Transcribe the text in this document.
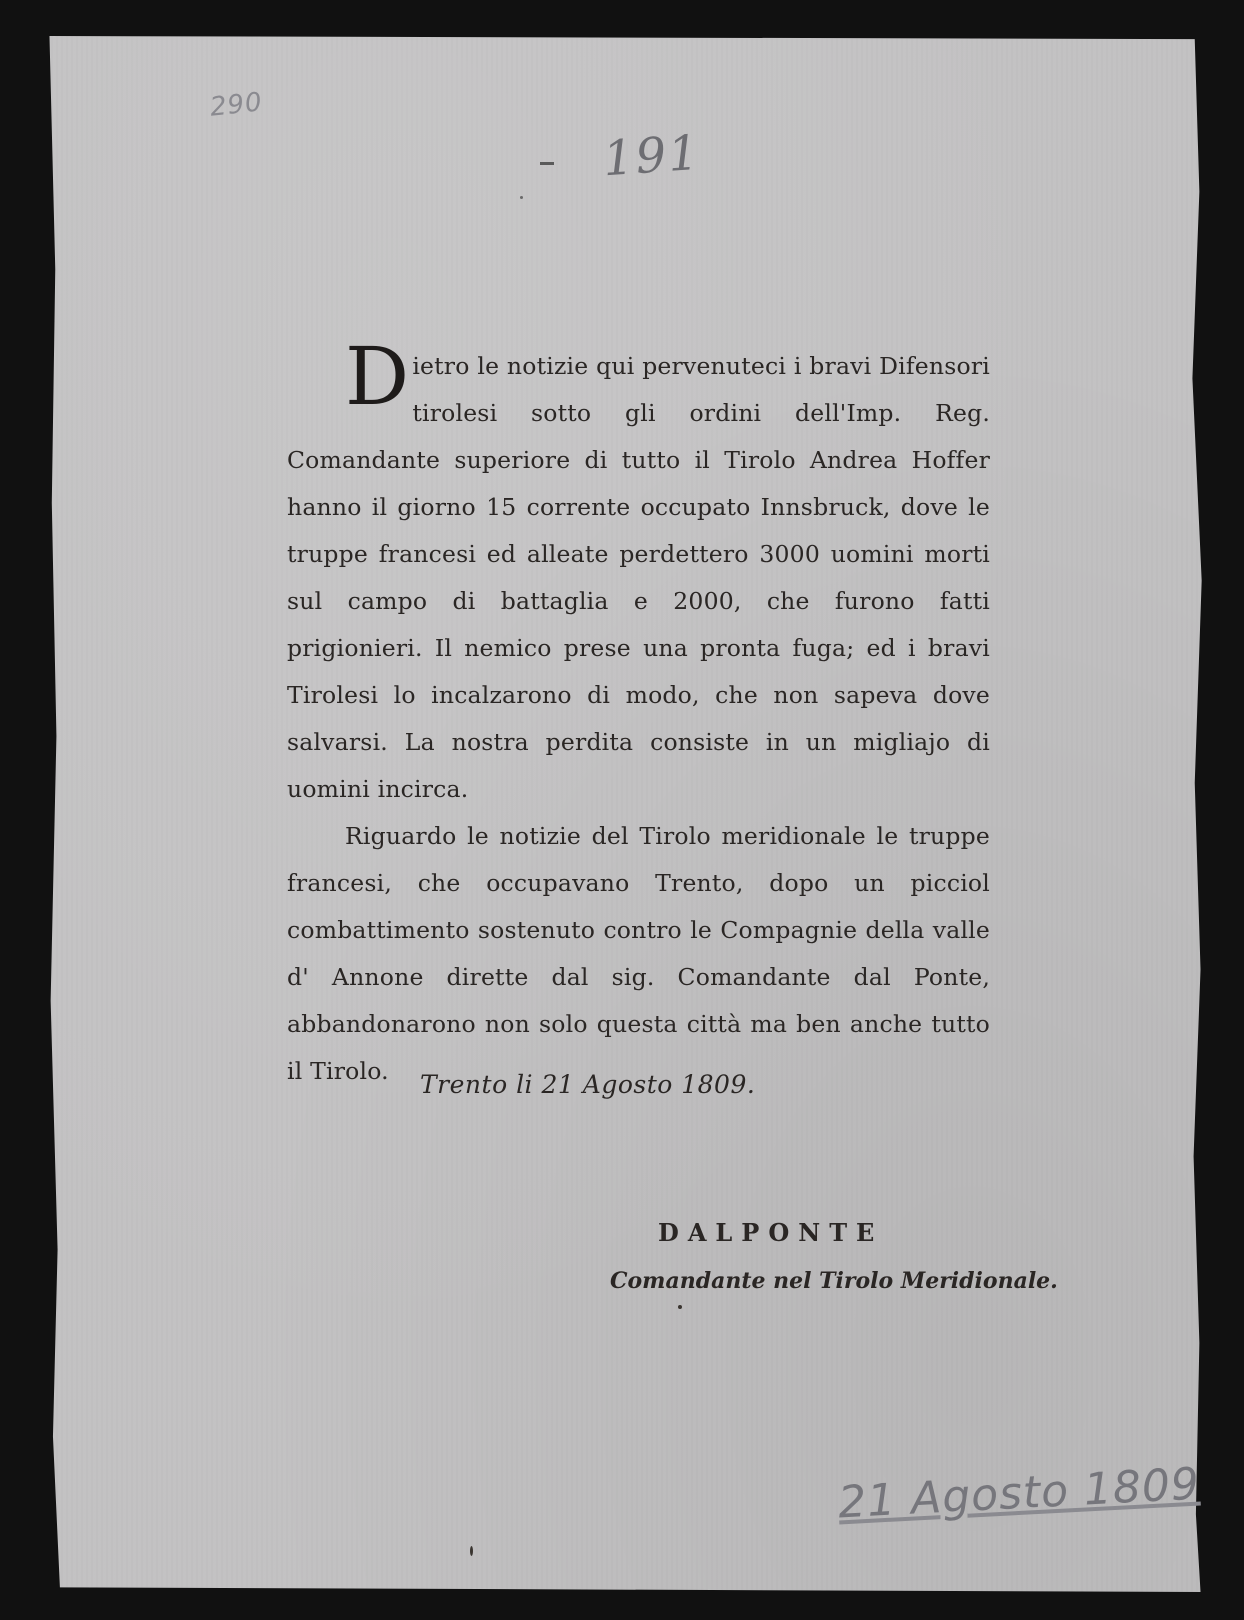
290
191

Dietro le notizie qui pervenuteci i bravi Difensori tirolesi sotto gli ordini dell'Imp. Reg. Comandante superiore di tutto il Tirolo Andrea Hoffer hanno il giorno 15 corrente occupato Innsbruck, dove le truppe francesi ed alleate perdettero 3000 uomini morti sul campo di battaglia e 2000, che furono fatti prigionieri. Il nemico prese una pronta fuga; ed i bravi Tirolesi lo incalzarono di modo, che non sapeva dove salvarsi. La nostra perdita consiste in un migliajo di uomini incirca.

Riguardo le notizie del Tirolo meridionale le truppe francesi, che occupavano Trento, dopo un picciol combattimento sostenuto contro le Compagnie della valle d' Annone dirette dal sig. Comandante dal Ponte, abbandonarono non solo questa città ma ben anche tutto il Tirolo.	Trento li 21 Agosto 1809.
DALPONTE
Comandante nel Tirolo Meridionale.
21 Agosto 1809
